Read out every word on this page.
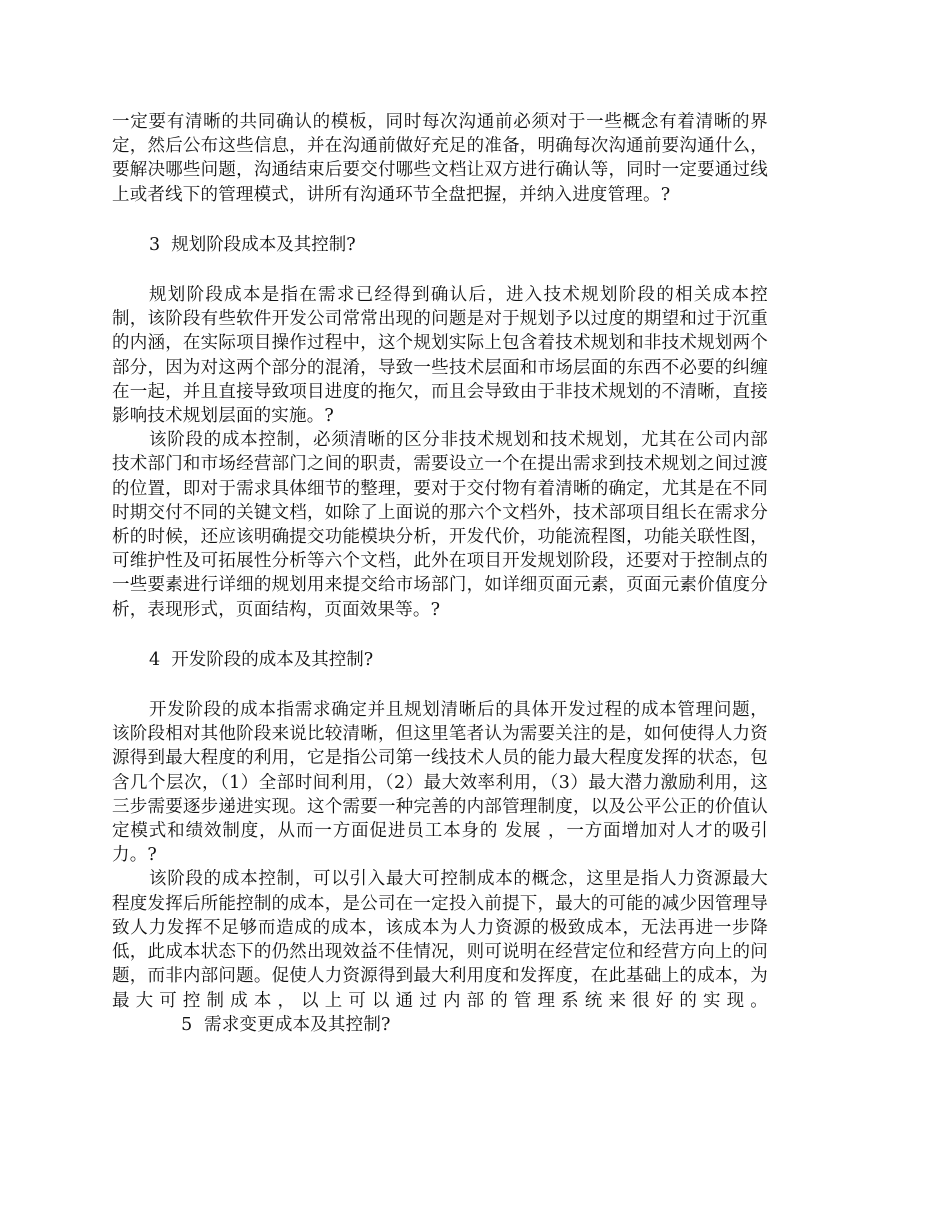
一定要有清晰的共同确认的模板，同时每次沟通前必须对于一些概念有着清晰的界定，然后公布这些信息，并在沟通前做好充足的准备，明确每次沟通前要沟通什么，要解决哪些问题，沟通结束后要交付哪些文档让双方进行确认等，同时一定要通过线上或者线下的管理模式，讲所有沟通环节全盘把握，并纳入进度管理。?

3  规划阶段成本及其控制?

规划阶段成本是指在需求已经得到确认后，进入技术规划阶段的相关成本控制，该阶段有些软件开发公司常常出现的问题是对于规划予以过度的期望和过于沉重的内涵，在实际项目操作过程中，这个规划实际上包含着技术规划和非技术规划两个部分，因为对这两个部分的混淆，导致一些技术层面和市场层面的东西不必要的纠缠在一起，并且直接导致项目进度的拖欠，而且会导致由于非技术规划的不清晰，直接影响技术规划层面的实施。?

该阶段的成本控制，必须清晰的区分非技术规划和技术规划，尤其在公司内部技术部门和市场经营部门之间的职责，需要设立一个在提出需求到技术规划之间过渡的位置，即对于需求具体细节的整理，要对于交付物有着清晰的确定，尤其是在不同时期交付不同的关键文档，如除了上面说的那六个文档外，技术部项目组长在需求分析的时候，还应该明确提交功能模块分析，开发代价，功能流程图，功能关联性图，可维护性及可拓展性分析等六个文档，此外在项目开发规划阶段，还要对于控制点的一些要素进行详细的规划用来提交给市场部门，如详细页面元素，页面元素价值度分析，表现形式，页面结构，页面效果等。?

4  开发阶段的成本及其控制?

开发阶段的成本指需求确定并且规划清晰后的具体开发过程的成本管理问题，该阶段相对其他阶段来说比较清晰，但这里笔者认为需要关注的是，如何使得人力资源得到最大程度的利用，它是指公司第一线技术人员的能力最大程度发挥的状态，包含几个层次，（1）全部时间利用，（2）最大效率利用，（3）最大潜力激励利用，这三步需要逐步递进实现。这个需要一种完善的内部管理制度，以及公平公正的价值认定模式和绩效制度，从而一方面促进员工本身的 发展 ，一方面增加对人才的吸引力。?

该阶段的成本控制，可以引入最大可控制成本的概念，这里是指人力资源最大程度发挥后所能控制的成本，是公司在一定投入前提下，最大的可能的减少因管理导致人力发挥不足够而造成的成本，该成本为人力资源的极致成本，无法再进一步降低，此成本状态下的仍然出现效益不佳情况，则可说明在经营定位和经营方向上的问题，而非内部问题。促使人力资源得到最大利用度和发挥度，在此基础上的成本，为最大可控制成本，以上可以通过内部的管理系统来很好的实现。            5  需求变更成本及其控制?
